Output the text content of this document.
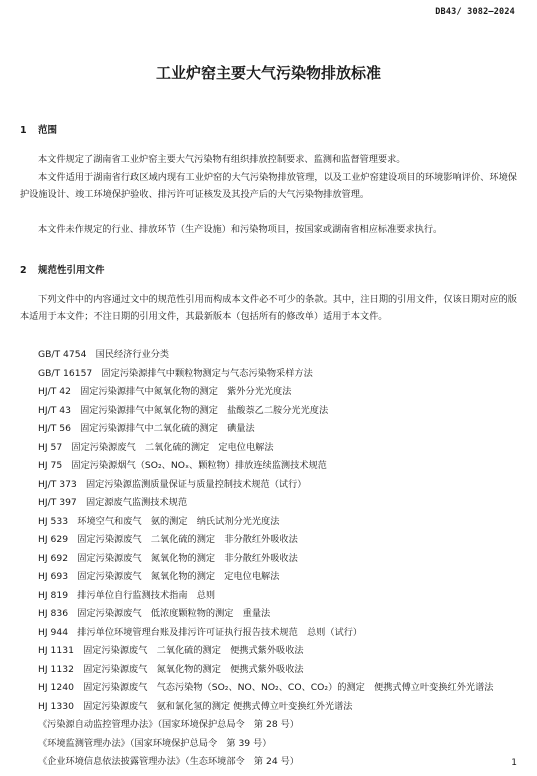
DB43/ 3082—2024
工业炉窑主要大气污染物排放标准
1 范围

本文件规定了湖南省工业炉窑主要大气污染物有组织排放控制要求、监测和监督管理要求。

本文件适用于湖南省行政区域内现有工业炉窑的大气污染物排放管理，以及工业炉窑建设项目的环境影响评价、环境保护设施设计、竣工环境保护验收、排污许可证核发及其投产后的大气污染物排放管理。

本文件未作规定的行业、排放环节（生产设施）和污染物项目，按国家或湖南省相应标准要求执行。

2 规范性引用文件

下列文件中的内容通过文中的规范性引用而构成本文件必不可少的条款。其中，注日期的引用文件，仅该日期对应的版本适用于本文件；不注日期的引用文件，其最新版本（包括所有的修改单）适用于本文件。

GB/T 4754　国民经济行业分类
GB/T 16157　固定污染源排气中颗粒物测定与气态污染物采样方法
HJ/T 42　固定污染源排气中氮氧化物的测定　紫外分光光度法
HJ/T 43　固定污染源排气中氮氧化物的测定　盐酸萘乙二胺分光光度法
HJ/T 56　固定污染源排气中二氧化硫的测定　碘量法
HJ 57　固定污染源废气　二氧化硫的测定　定电位电解法
HJ 75　固定污染源烟气（SO₂、NOₓ、颗粒物）排放连续监测技术规范
HJ/T 373　固定污染源监测质量保证与质量控制技术规范（试行）
HJ/T 397　固定源废气监测技术规范
HJ 533　环境空气和废气　氨的测定　纳氏试剂分光光度法
HJ 629　固定污染源废气　二氧化硫的测定　非分散红外吸收法
HJ 692　固定污染源废气　氮氧化物的测定　非分散红外吸收法
HJ 693　固定污染源废气　氮氧化物的测定　定电位电解法
HJ 819　排污单位自行监测技术指南　总则
HJ 836　固定污染源废气　低浓度颗粒物的测定　重量法
HJ 944　排污单位环境管理台账及排污许可证执行报告技术规范　总则（试行）
HJ 1131　固定污染源废气　二氧化硫的测定　便携式紫外吸收法
HJ 1132　固定污染源废气　氮氧化物的测定　便携式紫外吸收法
HJ 1240　固定污染源废气　气态污染物（SO₂、NO、NO₂、CO、CO₂）的测定　便携式傅立叶变换红外光谱法
HJ 1330　固定污染源废气　氨和氯化氢的测定 便携式傅立叶变换红外光谱法
《污染源自动监控管理办法》（国家环境保护总局令　第 28 号）
《环境监测管理办法》（国家环境保护总局令　第 39 号）
《企业环境信息依法披露管理办法》（生态环境部令　第 24 号）	1
